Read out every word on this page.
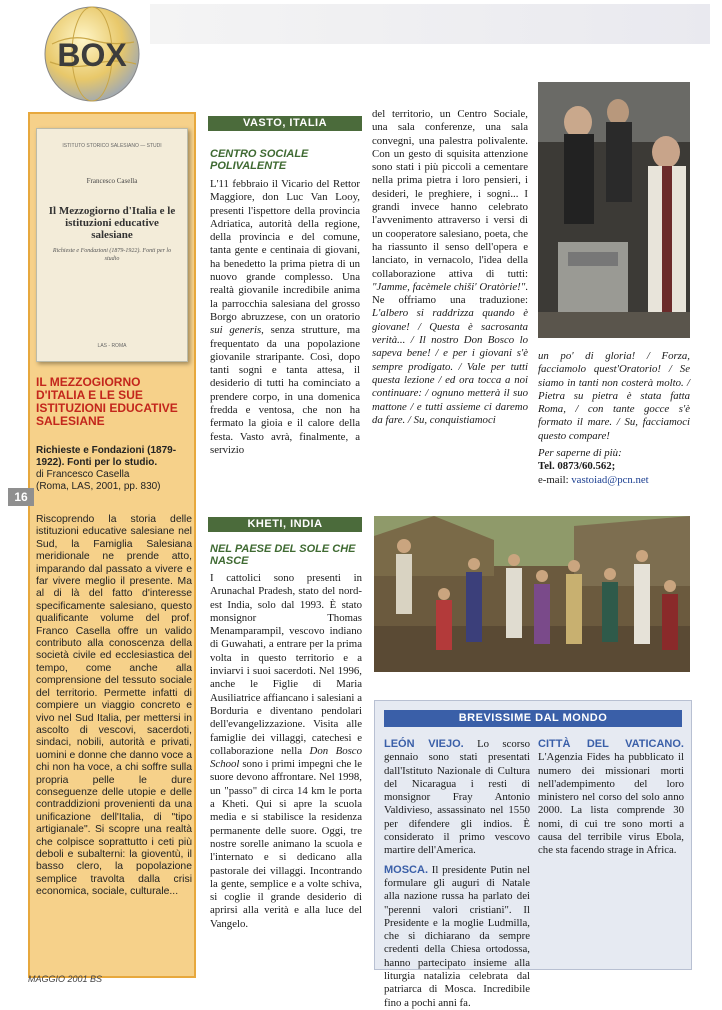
BOX
ISTITUTO STORICO SALESIANO — STUDI
Francesco Casella
Il Mezzogiorno d'Italia e le istituzioni educative salesiane
Richieste e Fondazioni (1879-1922). Fonti per lo studio
LAS - ROMA
IL MEZZOGIORNO D'ITALIA E LE SUE ISTITUZIONI EDUCATIVE SALESIANE
Richieste e Fondazioni (1879-1922). Fonti per lo studio.
di Francesco Casella
(Roma, LAS, 2001, pp. 830)
Riscoprendo la storia delle istituzioni educative salesiane nel Sud, la Famiglia Salesiana meridionale ne prende atto, imparando dal passato a vivere e far vivere meglio il presente. Ma al di là del fatto d'interesse specificamente salesiano, questo qualificante volume del prof. Franco Casella offre un valido contributo alla conoscenza della società civile ed ecclesiastica del tempo, come anche alla comprensione del tessuto sociale del territorio. Permette infatti di compiere un viaggio concreto e vivo nel Sud Italia, per mettersi in ascolto di vescovi, sacerdoti, sindaci, nobili, autorità e privati, uomini e donne che danno voce a chi non ha voce, a chi soffre sulla propria pelle le dure conseguenze delle utopie e delle contraddizioni provenienti da una unificazione dell'Italia, di "tipo artigianale". Si scopre una realtà che colpisce soprattutto i ceti più deboli e subalterni: la gioventù, il basso clero, la popolazione semplice travolta dalla crisi economica, sociale, culturale...
16
MAGGIO 2001 BS
VASTO, ITALIA
CENTRO SOCIALE POLIVALENTE
L'11 febbraio il Vicario del Rettor Maggiore, don Luc Van Looy, presenti l'ispettore della provincia Adriatica, autorità della regione, della provincia e del comune, tanta gente e centinaia di giovani, ha benedetto la prima pietra di un nuovo grande complesso. Una realtà giovanile incredibile anima la parrocchia salesiana del grosso Borgo abruzzese, con un oratorio sui generis, senza strutture, ma frequentato da una popolazione giovanile straripante. Così, dopo tanti sogni e tanta attesa, il desiderio di tutti ha cominciato a prendere corpo, in una domenica fredda e ventosa, che non ha fermato la gioia e il calore della festa. Vasto avrà, finalmente, a servizio
del territorio, un Centro Sociale, una sala conferenze, una sala convegni, una palestra polivalente. Con un gesto di squisita attenzione sono stati i più piccoli a cementare nella prima pietra i loro pensieri, i desideri, le preghiere, i sogni... I grandi invece hanno celebrato l'avvenimento attraverso i versi di un cooperatore salesiano, poeta, che ha riassunto il senso dell'opera e lanciato, in vernacolo, l'idea della collaborazione attiva di tutti: "Jamme, facèmele chiši' Oratòrie!". Ne offriamo una traduzione: L'albero si raddrizza quando è giovane! / Questa è sacrosanta verità... / Il nostro Don Bosco lo sapeva bene! / e per i giovani s'è sempre prodigato. / Vale per tutti questa lezione / ed ora tocca a noi continuare: / ognuno metterà il suo mattone / e tutti assieme ci daremo da fare. / Su, conquistiamoci
un po' di gloria! / Forza, facciamolo quest'Oratorio! / Se siamo in tanti non costerà molto. / Pietra su pietra è stata fatta Roma, / con tante gocce s'è formato il mare. / Su, facciamoci questo compare!
Per saperne di più:
Tel. 0873/60.562;
e-mail: vastoiad@pcn.net
KHETI, INDIA
NEL PAESE DEL SOLE CHE NASCE
I cattolici sono presenti in Arunachal Pradesh, stato del nord-est India, solo dal 1993. È stato monsignor Thomas Menamparampil, vescovo indiano di Guwahati, a entrare per la prima volta in questo territorio e a inviarvi i suoi sacerdoti. Nel 1996, anche le Figlie di Maria Ausiliatrice affiancano i salesiani a Borduria e diventano pendolari dell'evangelizzazione. Visita alle famiglie dei villaggi, catechesi e collaborazione nella Don Bosco School sono i primi impegni che le suore devono affrontare. Nel 1998, un "passo" di circa 14 km le porta a Kheti. Qui si apre la scuola media e si stabilisce la residenza permanente delle suore. Oggi, tre nostre sorelle animano la scuola e l'internato e si dedicano alla pastorale dei villaggi. Incontrando la gente, semplice e a volte schiva, si coglie il grande desiderio di aprirsi alla verità e alla luce del Vangelo.
BREVISSIME DAL MONDO
LEÓN VIEJO. Lo scorso gennaio sono stati presentati dall'Istituto Nazionale di Cultura del Nicaragua i resti di monsignor Fray Antonio Valdivieso, assassinato nel 1550 per difendere gli indios. È considerato il primo vescovo martire dell'America.
MOSCA. Il presidente Putin nel formulare gli auguri di Natale alla nazione russa ha parlato dei "perenni valori cristiani". Il Presidente e la moglie Ludmilla, che si dichiarano da sempre credenti della Chiesa ortodossa, hanno partecipato insieme alla liturgia natalizia celebrata dal patriarca di Mosca. Incredibile fino a pochi anni fa.
CITTÀ DEL VATICANO. L'Agenzia Fides ha pubblicato il numero dei missionari morti nell'adempimento del loro ministero nel corso del solo anno 2000. La lista comprende 30 nomi, di cui tre sono morti a causa del terribile virus Ebola, che sta facendo strage in Africa.
